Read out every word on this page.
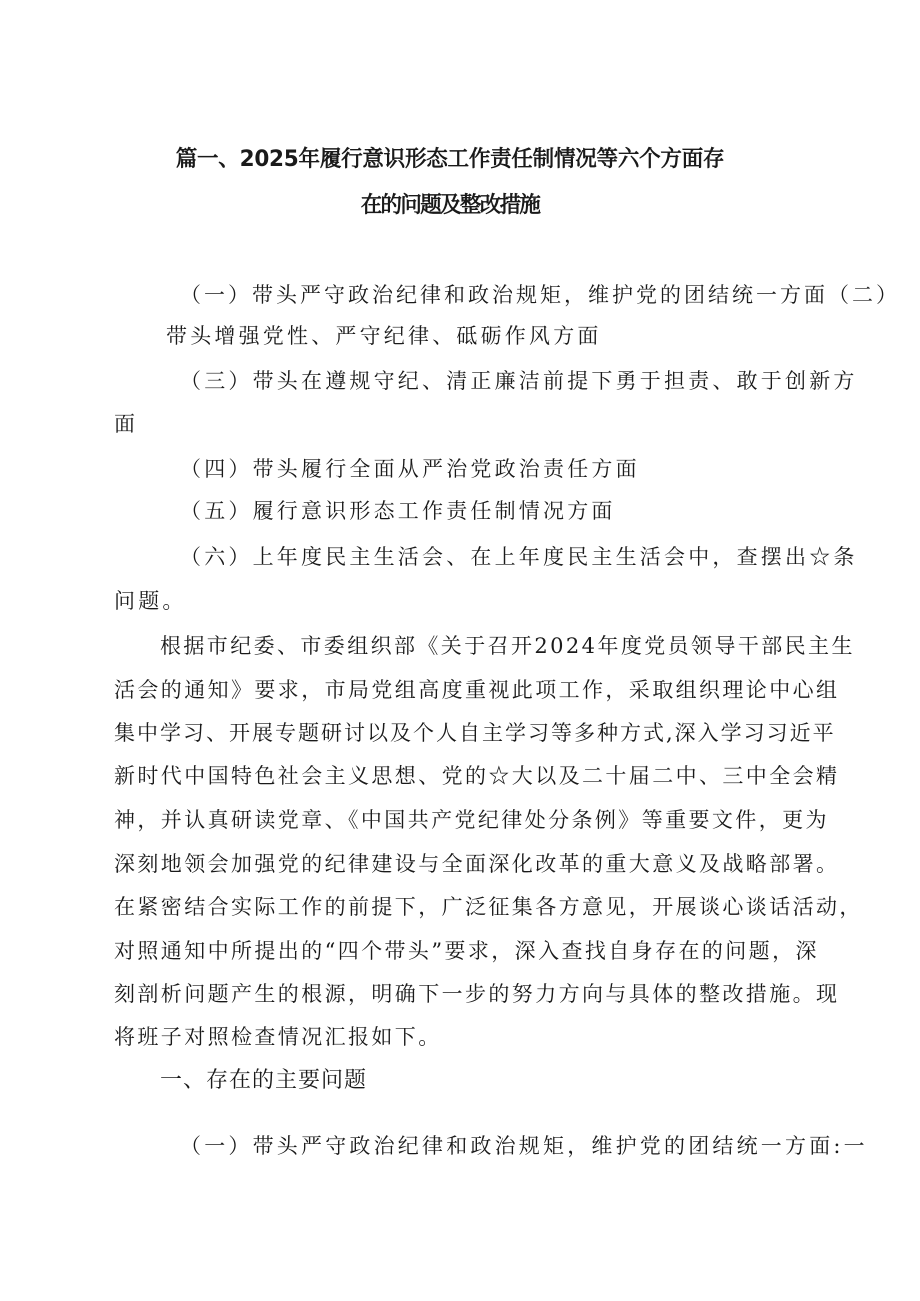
篇一、2025年履行意识形态工作责任制情况等六个方面存
在的问题及整改措施
（一）带头严守政治纪律和政治规矩，维护党的团结统一方面（二）
带头增强党性、严守纪律、砥砺作风方面
（三）带头在遵规守纪、清正廉洁前提下勇于担责、敢于创新方
面
（四）带头履行全面从严治党政治责任方面
（五）履行意识形态工作责任制情况方面
（六）上年度民主生活会、在上年度民主生活会中，查摆出☆条
问题。
根据市纪委、市委组织部《关于召开2024年度党员领导干部民主生
活会的通知》要求，市局党组高度重视此项工作，采取组织理论中心组
集中学习、开展专题研讨以及个人自主学习等多种方式,深入学习习近平
新时代中国特色社会主义思想、党的☆大以及二十届二中、三中全会精
神，并认真研读党章、《中国共产党纪律处分条例》等重要文件，更为
深刻地领会加强党的纪律建设与全面深化改革的重大意义及战略部署。
在紧密结合实际工作的前提下，广泛征集各方意见，开展谈心谈话活动，
对照通知中所提出的“四个带头”要求，深入查找自身存在的问题，深
刻剖析问题产生的根源，明确下一步的努力方向与具体的整改措施。现
将班子对照检查情况汇报如下。
一、存在的主要问题
（一）带头严守政治纪律和政治规矩，维护党的团结统一方面:一
